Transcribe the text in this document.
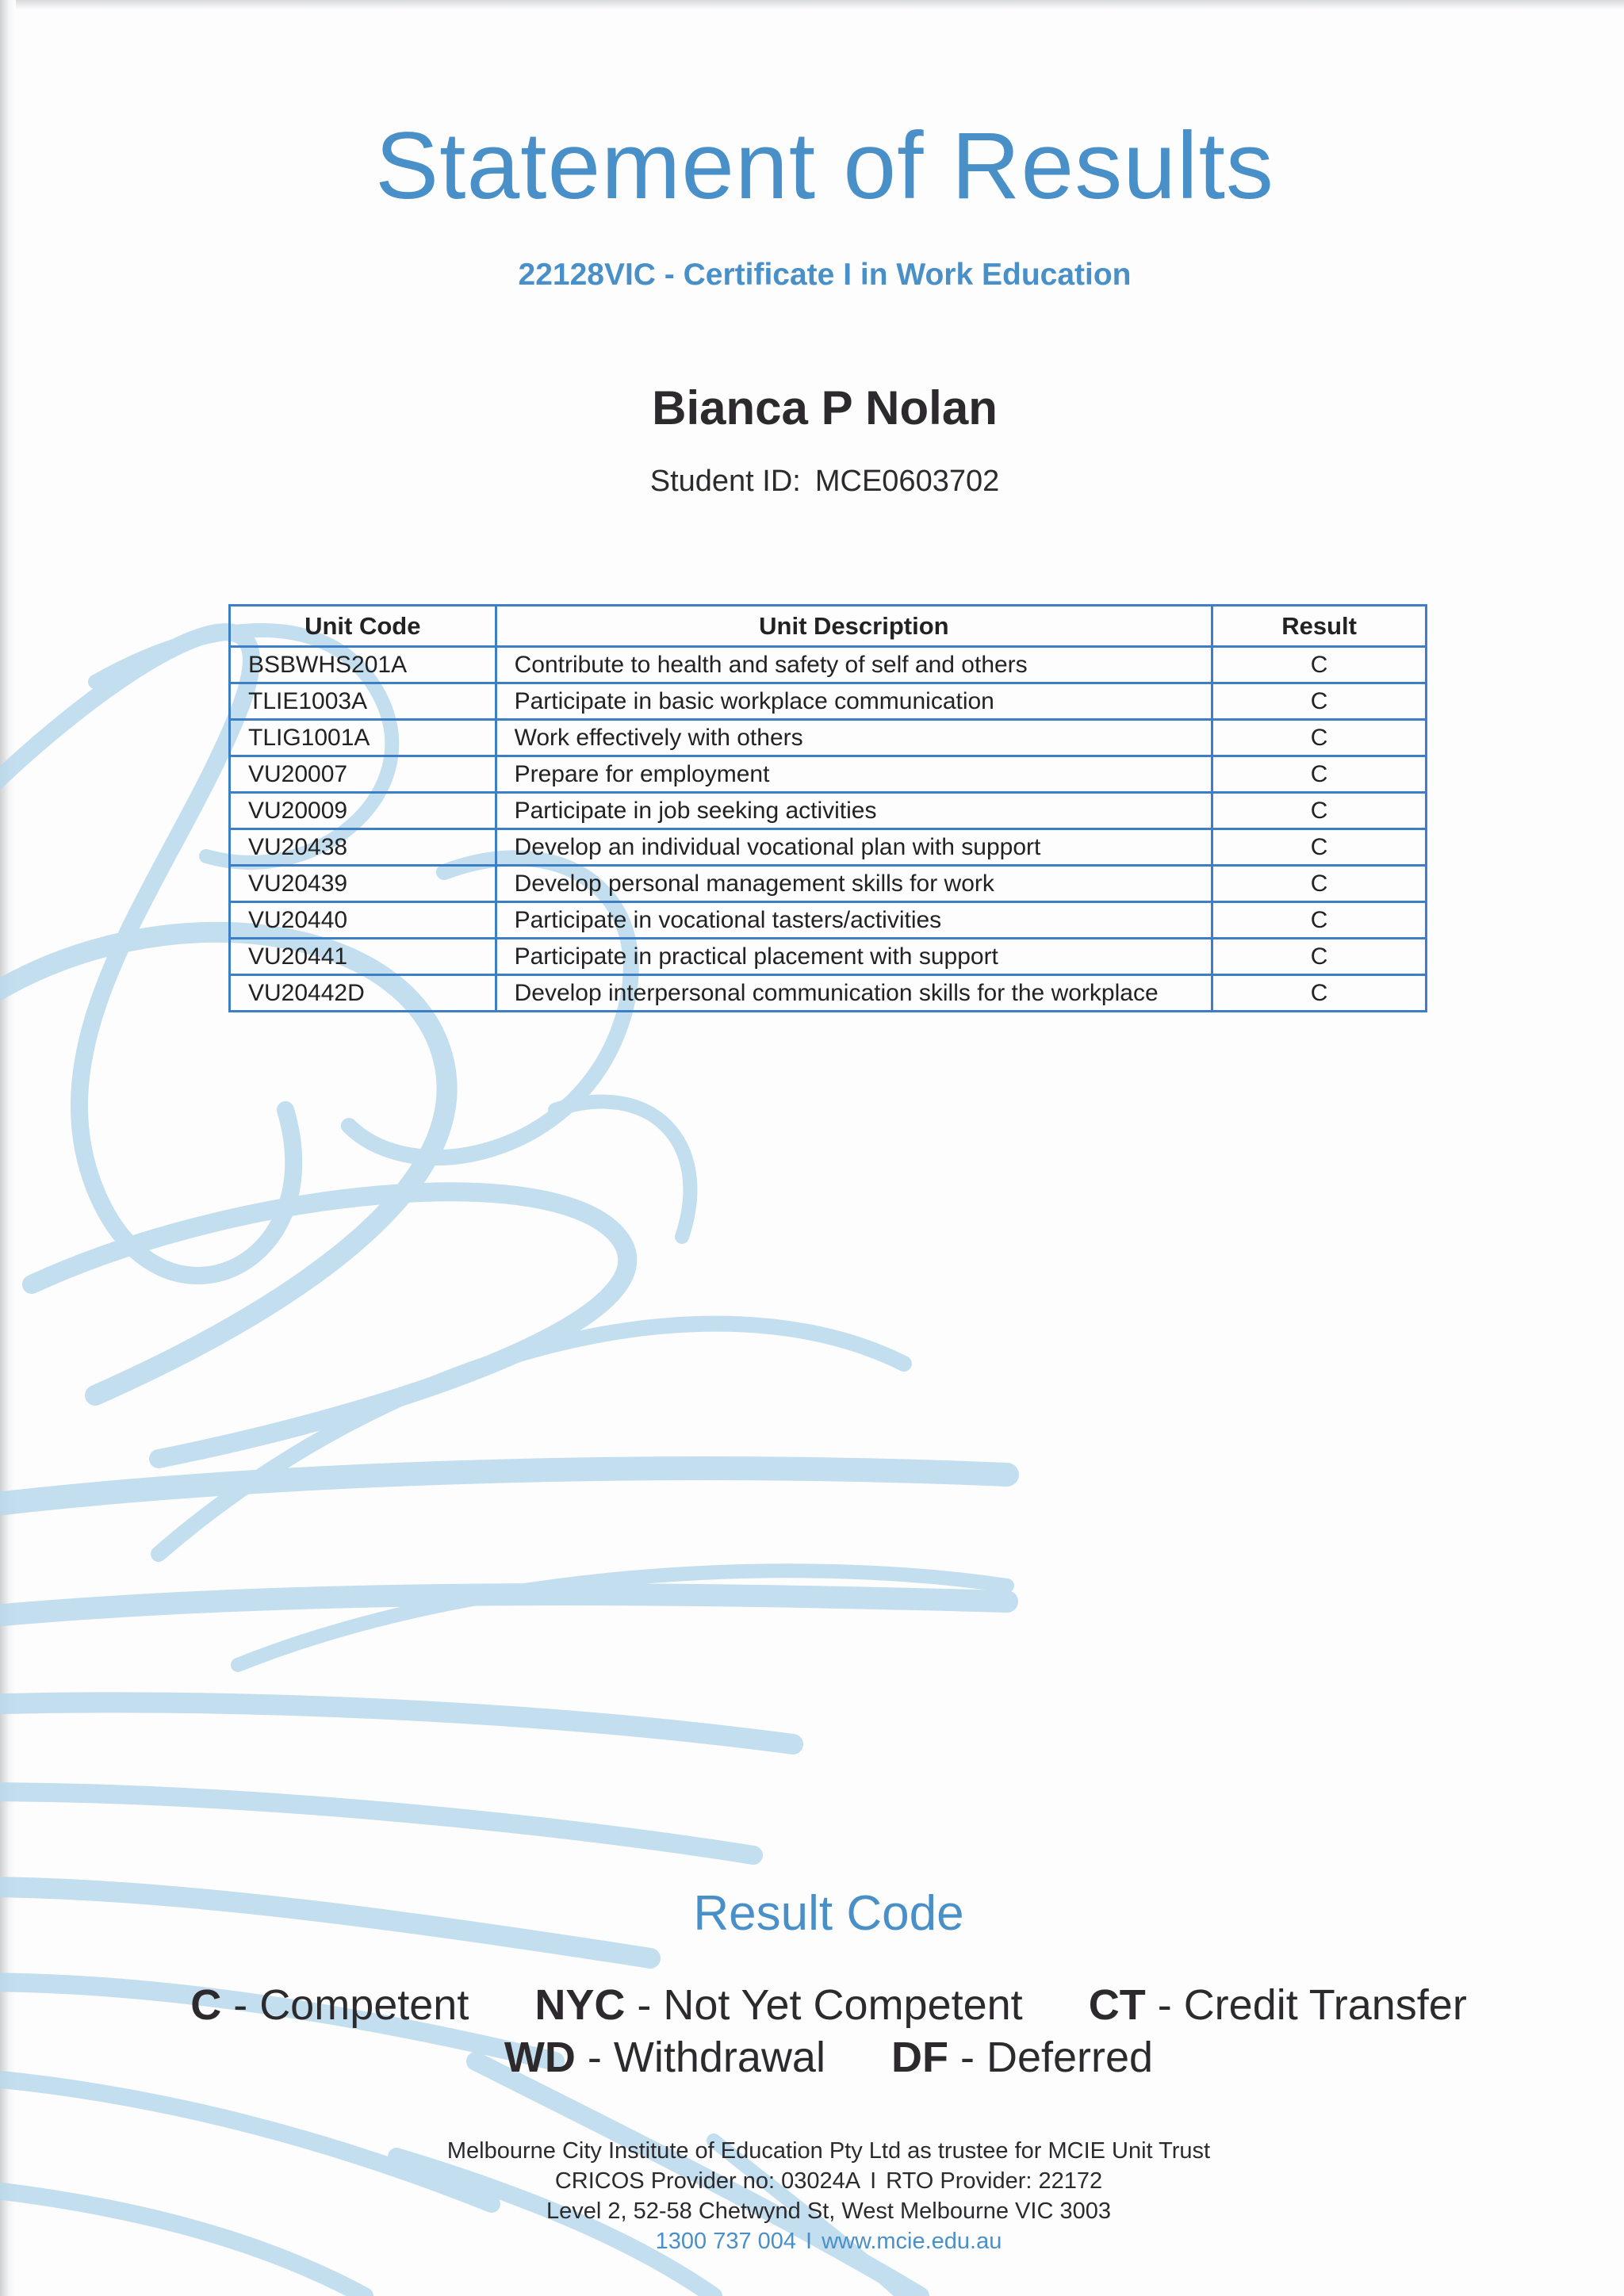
Statement of Results
22128VIC - Certificate I in Work Education
Bianca P Nolan
Student ID: MCE0603702
Unit Code	Unit Description	Result
BSBWHS201A	Contribute to health and safety of self and others	C
TLIE1003A	Participate in basic workplace communication	C
TLIG1001A	Work effectively with others	C
VU20007	Prepare for employment	C
VU20009	Participate in job seeking activities	C
VU20438	Develop an individual vocational plan with support	C
VU20439	Develop personal management skills for work	C
VU20440	Participate in vocational tasters/activities	C
VU20441	Participate in practical placement with support	C
VU20442D	Develop interpersonal communication skills for the workplace	C
Result Code
C - Competent NYC - Not Yet Competent CT - Credit Transfer
WD - Withdrawal DF - Deferred
Melbourne City Institute of Education Pty Ltd as trustee for MCIE Unit Trust
CRICOS Provider no: 03024A I RTO Provider: 22172
Level 2, 52-58 Chetwynd St, West Melbourne VIC 3003
1300 737 004 I www.mcie.edu.au
